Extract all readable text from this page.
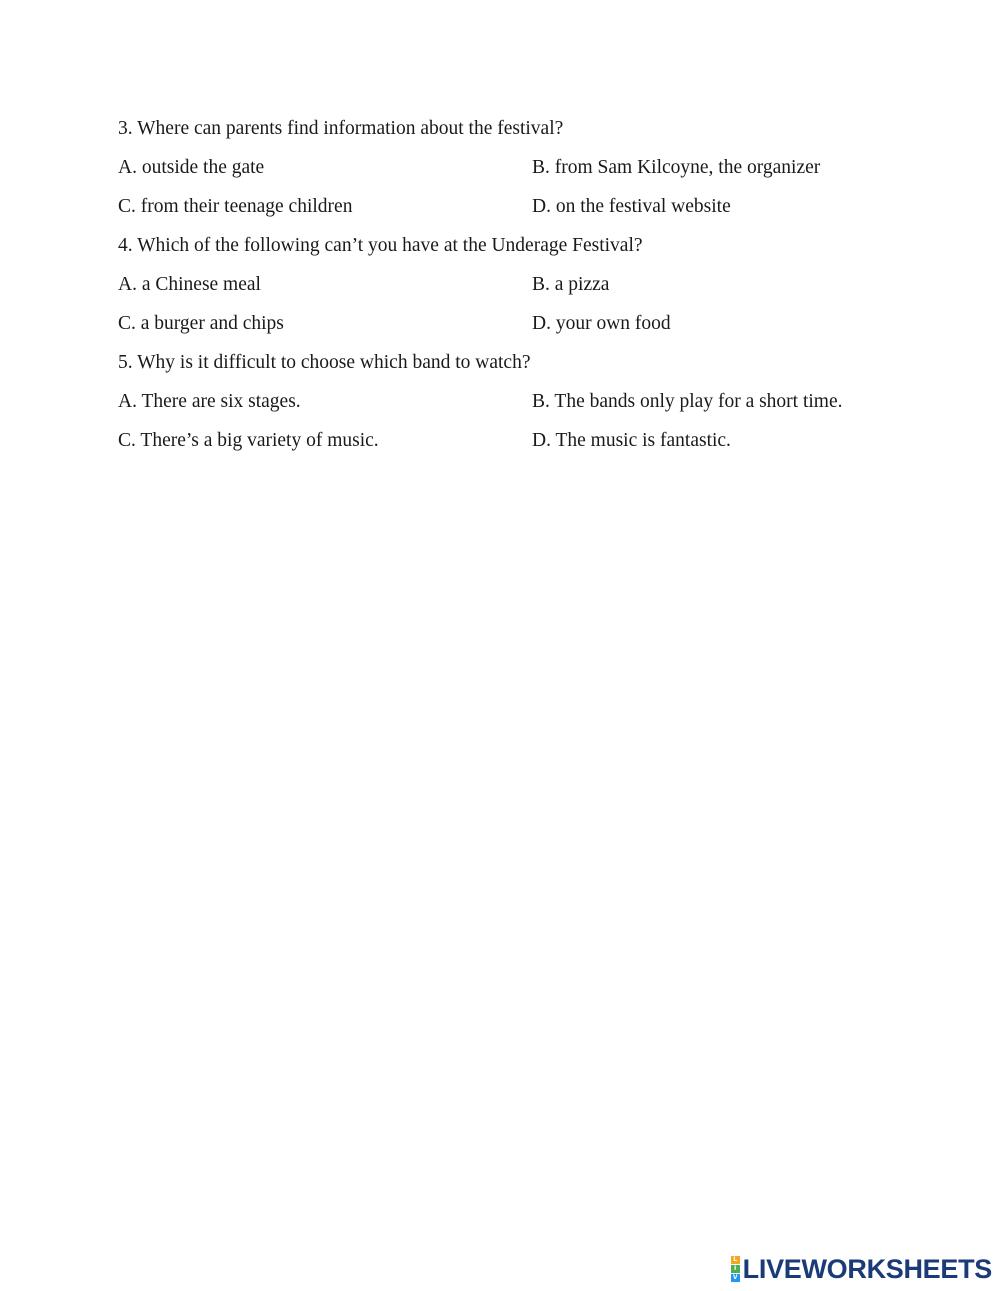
3. Where can parents find information about the festival?

A. outside the gate	B. from Sam Kilcoyne, the organizer
C. from their teenage children	D. on the festival website

4. Which of the following can’t you have at the Underage Festival?

A. a Chinese meal	B. a pizza
C. a burger and chips	D. your own food

5. Why is it difficult to choose which band to watch?

A. There are six stages.	B. The bands only play for a short time.
C. There’s a big variety of music.	D. The music is fantastic.
L
I
V LIVEWORKSHEETS
